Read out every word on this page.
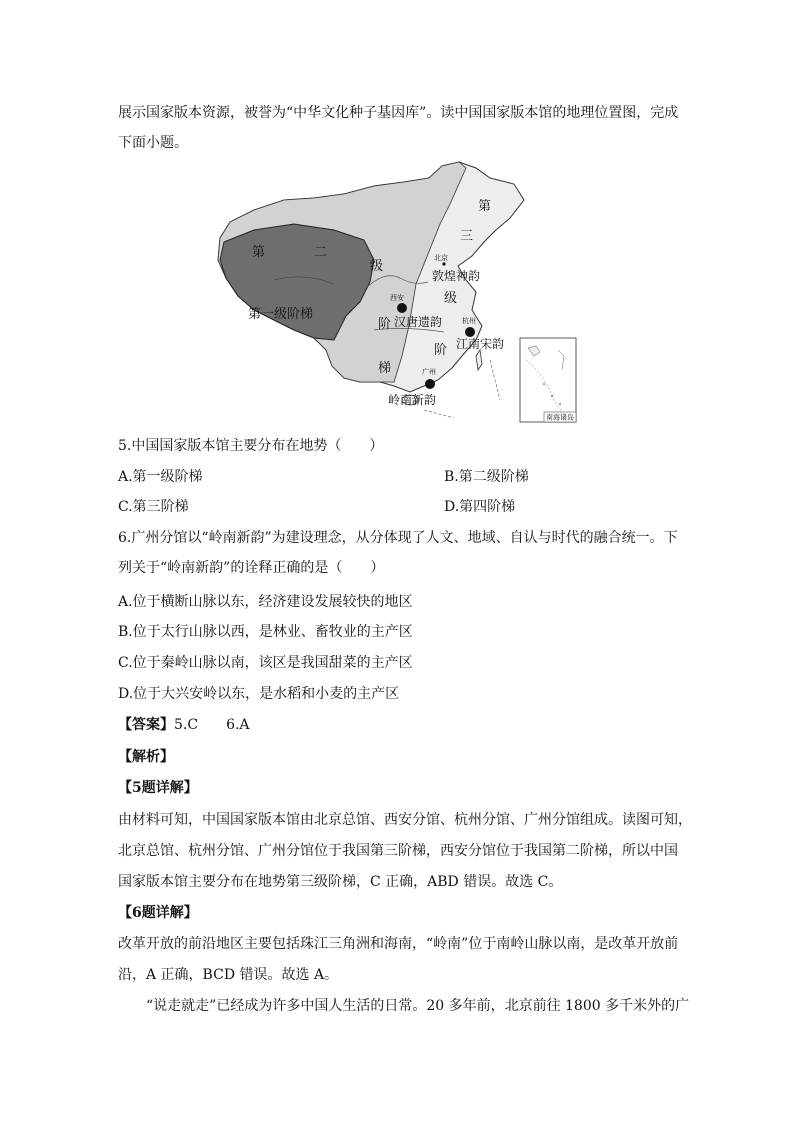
展示国家版本资源，被誉为“中华文化种子基因库”。读中国国家版本馆的地理位置图，完成
下面小题。
第一级阶梯
第	二
级
阶
梯
第
三
级
阶
北京
敦煌神韵
西安
汉唐遗韵	杭州
江南宋韵
广州
岭南新韵
南海诸岛
5.中国国家版本馆主要分布在地势（　　）
A.第一级阶梯	B.第二级阶梯
C.第三阶梯	D.第四阶梯
6.广州分馆以“岭南新韵”为建设理念，从分体现了人文、地域、自认与时代的融合统一。下
列关于“岭南新韵”的诠释正确的是（　　）
A.位于横断山脉以东，经济建设发展较快的地区
B.位于太行山脉以西，是林业、畜牧业的主产区
C.位于秦岭山脉以南，该区是我国甜菜的主产区
D.位于大兴安岭以东，是水稻和小麦的主产区
【答案】5.C　　6.A
【解析】
【5题详解】
由材料可知，中国国家版本馆由北京总馆、西安分馆、杭州分馆、广州分馆组成。读图可知，
北京总馆、杭州分馆、广州分馆位于我国第三阶梯，西安分馆位于我国第二阶梯，所以中国
国家版本馆主要分布在地势第三级阶梯，C 正确，ABD 错误。故选 C。
【6题详解】
改革开放的前沿地区主要包括珠江三角洲和海南，“岭南”位于南岭山脉以南，是改革开放前
沿，A 正确，BCD 错误。故选 A。
“说走就走”已经成为许多中国人生活的日常。20 多年前，北京前往 1800 多千米外的广
